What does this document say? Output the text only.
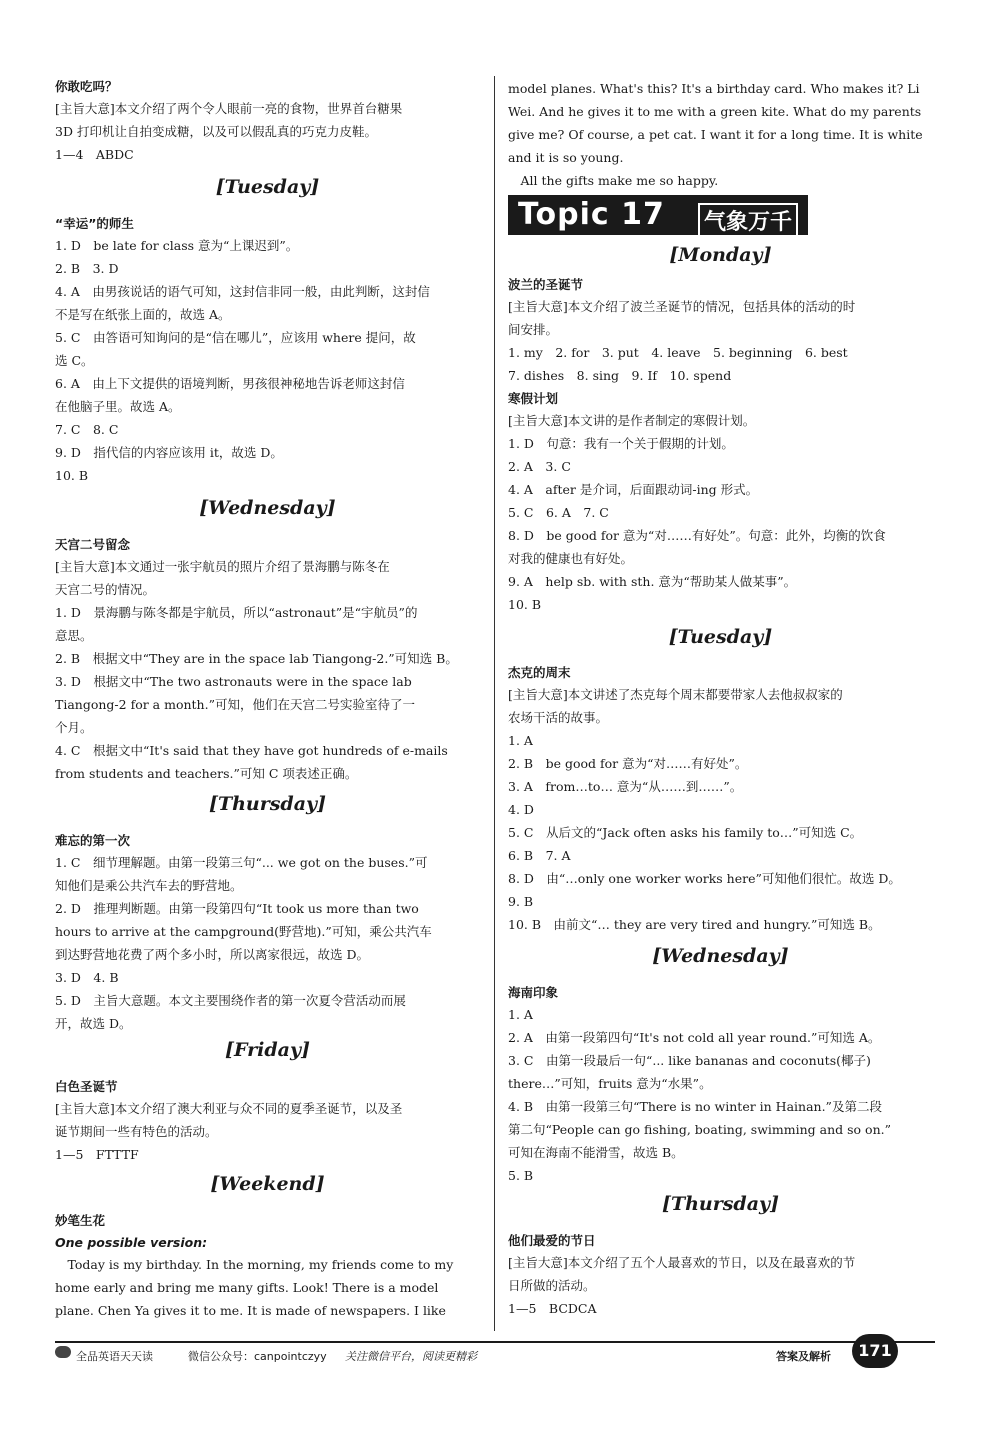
你敢吃吗？
[主旨大意]本文介绍了两个令人眼前一亮的食物，世界首台糖果
3D 打印机让自拍变成糖，以及可以假乱真的巧克力皮鞋。
1—4　ABDC
[Tuesday]
“幸运”的师生
1. D　be late for class 意为“上课迟到”。
2. B　3. D
4. A　由男孩说话的语气可知，这封信非同一般，由此判断，这封信
不是写在纸张上面的，故选 A。
5. C　由答语可知询问的是“信在哪儿”，应该用 where 提问，故
选 C。
6. A　由上下文提供的语境判断，男孩很神秘地告诉老师这封信
在他脑子里。故选 A。
7. C　8. C
9. D　指代信的内容应该用 it，故选 D。
10. B
[Wednesday]
天宫二号留念
[主旨大意]本文通过一张宇航员的照片介绍了景海鹏与陈冬在
天宫二号的情况。
1. D　景海鹏与陈冬都是宇航员，所以“astronaut”是“宇航员”的
意思。
2. B　根据文中“They are in the space lab Tiangong-2.”可知选 B。
3. D　根据文中“The two astronauts were in the space lab
Tiangong-2 for a month.”可知，他们在天宫二号实验室待了一
个月。
4. C　根据文中“It's said that they have got hundreds of e-mails
from students and teachers.”可知 C 项表述正确。
[Thursday]
难忘的第一次
1. C　细节理解题。由第一段第三句“... we got on the buses.”可
知他们是乘公共汽车去的野营地。
2. D　推理判断题。由第一段第四句“It took us more than two
hours to arrive at the campground(野营地).”可知，乘公共汽车
到达野营地花费了两个多小时，所以离家很远，故选 D。
3. D　4. B
5. D　主旨大意题。本文主要围绕作者的第一次夏令营活动而展
开，故选 D。
[Friday]
白色圣诞节
[主旨大意]本文介绍了澳大利亚与众不同的夏季圣诞节，以及圣
诞节期间一些有特色的活动。
1—5　FTTTF
[Weekend]
妙笔生花
One possible version:
　Today is my birthday. In the morning, my friends come to my
home early and bring me many gifts. Look! There is a model
plane. Chen Ya gives it to me. It is made of newspapers. I like
Topic 17 气象万千
model planes. What's this? It's a birthday card. Who makes it? Li
Wei. And he gives it to me with a green kite. What do my parents
give me? Of course, a pet cat. I want it for a long time. It is white
and it is so young.
　All the gifts make me so happy.
[Monday]
波兰的圣诞节
[主旨大意]本文介绍了波兰圣诞节的情况，包括具体的活动的时
间安排。
1. my　2. for　3. put　4. leave　5. beginning　6. best
7. dishes　8. sing　9. If　10. spend
寒假计划
[主旨大意]本文讲的是作者制定的寒假计划。
1. D　句意：我有一个关于假期的计划。
2. A　3. C
4. A　after 是介词，后面跟动词-ing 形式。
5. C　6. A　7. C
8. D　be good for 意为“对……有好处”。句意：此外，均衡的饮食
对我的健康也有好处。
9. A　help sb. with sth. 意为“帮助某人做某事”。
10. B
[Tuesday]
杰克的周末
[主旨大意]本文讲述了杰克每个周末都要带家人去他叔叔家的
农场干活的故事。
1. A
2. B　be good for 意为“对……有好处”。
3. A　from…to… 意为“从……到……”。
4. D
5. C　从后文的“Jack often asks his family to…”可知选 C。
6. B　7. A
8. D　由“…only one worker works here”可知他们很忙。故选 D。
9. B
10. B　由前文“… they are very tired and hungry.”可知选 B。
[Wednesday]
海南印象
1. A
2. A　由第一段第四句“It's not cold all year round.”可知选 A。
3. C　由第一段最后一句“... like bananas and coconuts(椰子)
there…”可知，fruits 意为“水果”。
4. B　由第一段第三句“There is no winter in Hainan.”及第二段
第二句“People can go fishing, boating, swimming and so on.”
可知在海南不能滑雪，故选 B。
5. B
[Thursday]
他们最爱的节日
[主旨大意]本文介绍了五个人最喜欢的节日，以及在最喜欢的节
日所做的活动。
1—5　BCDCA
全品英语天天读	微信公众号：canpointczyy 关注微信平台，阅读更精彩	答案及解析	171
